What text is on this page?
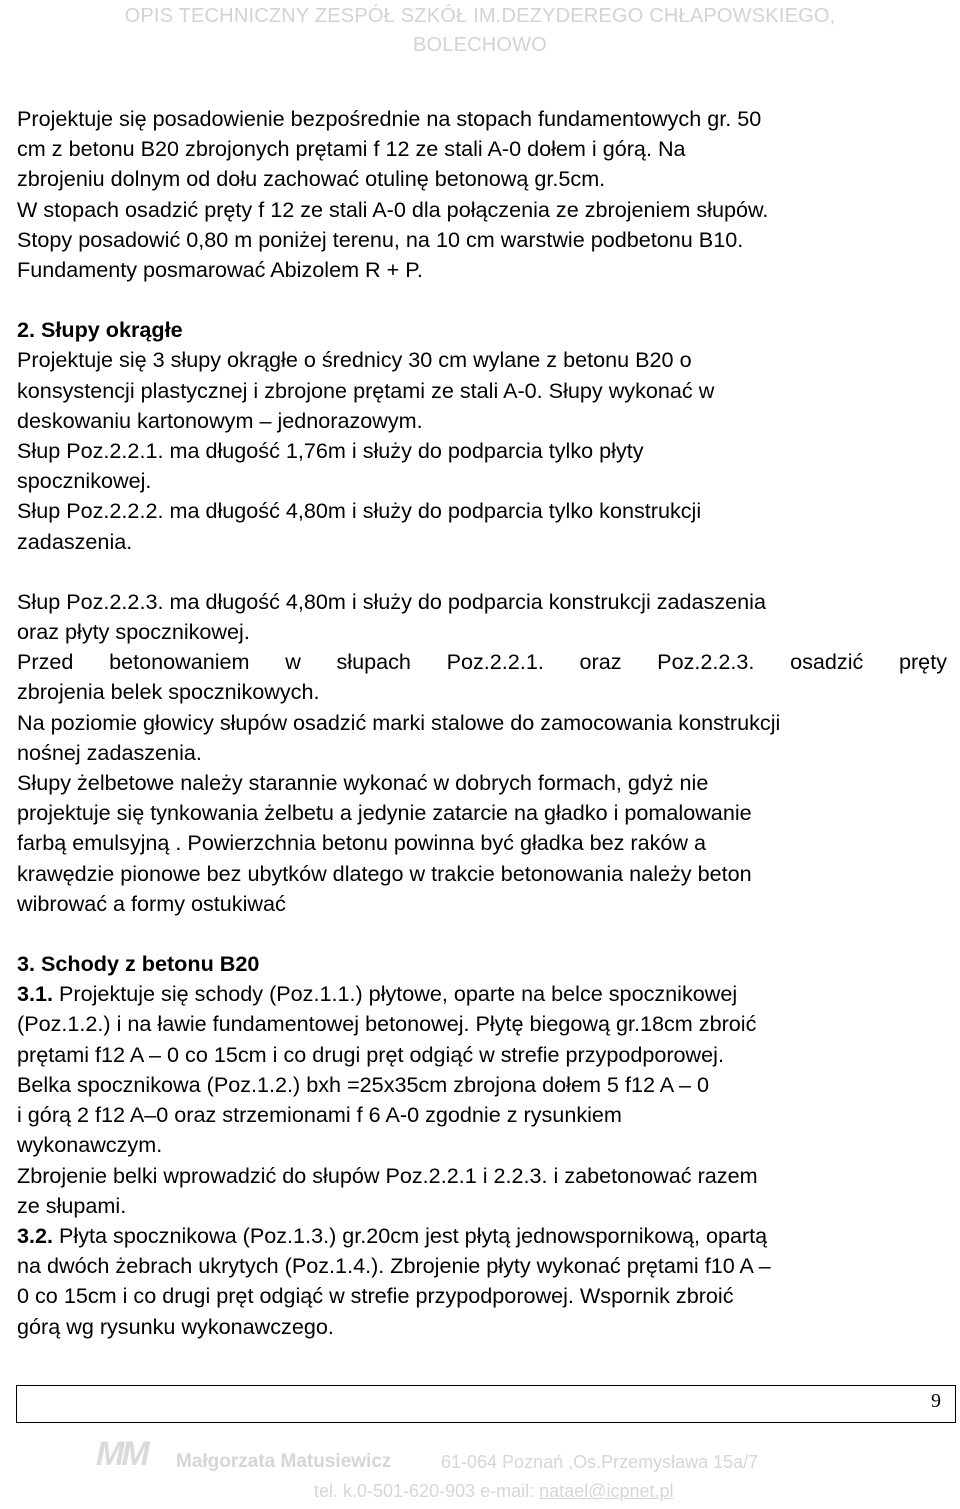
OPIS TECHNICZNY ZESPÓŁ SZKÓŁ IM.DEZYDEREGO CHŁAPOWSKIEGO,
BOLECHOWO

Projektuje się posadowienie bezpośrednie na stopach fundamentowych gr. 50

cm z betonu B20 zbrojonych prętami f 12 ze stali A-0 dołem i górą. Na

zbrojeniu dolnym od dołu zachować otulinę betonową gr.5cm.

W stopach osadzić pręty f 12 ze stali A-0 dla połączenia ze zbrojeniem słupów.

Stopy posadowić 0,80 m poniżej terenu, na 10 cm warstwie podbetonu B10.

Fundamenty posmarować Abizolem R + P.

2. Słupy okrągłe

Projektuje się 3 słupy okrągłe o średnicy 30 cm wylane z betonu B20 o

konsystencji plastycznej i zbrojone prętami ze stali A-0. Słupy wykonać w

deskowaniu kartonowym – jednorazowym.

Słup Poz.2.2.1. ma długość 1,76m i służy do podparcia tylko płyty

spocznikowej.

Słup Poz.2.2.2. ma długość 4,80m i służy do podparcia tylko konstrukcji

zadaszenia.

Słup Poz.2.2.3. ma długość 4,80m i służy do podparcia konstrukcji zadaszenia

oraz płyty spocznikowej.

Przed betonowaniem w słupach Poz.2.2.1. oraz Poz.2.2.3. osadzić pręty

zbrojenia belek spocznikowych.

Na poziomie głowicy słupów osadzić marki stalowe do zamocowania konstrukcji

nośnej zadaszenia.

Słupy żelbetowe należy starannie wykonać w dobrych formach, gdyż nie

projektuje się tynkowania żelbetu a jedynie zatarcie na gładko i pomalowanie

farbą emulsyjną . Powierzchnia betonu powinna być gładka bez raków a

krawędzie pionowe bez ubytków dlatego w trakcie betonowania należy beton

wibrować a formy ostukiwać

3. Schody z betonu B20

3.1. Projektuje się schody (Poz.1.1.) płytowe, oparte na belce spocznikowej

(Poz.1.2.) i na ławie fundamentowej betonowej. Płytę biegową gr.18cm zbroić

prętami f12 A – 0 co 15cm i co drugi pręt odgiąć w strefie przypodporowej.

Belka spocznikowa (Poz.1.2.) bxh =25x35cm zbrojona dołem 5 f12 A – 0

i górą 2 f12 A–0 oraz strzemionami f 6 A-0 zgodnie z rysunkiem

wykonawczym.

Zbrojenie belki wprowadzić do słupów Poz.2.2.1 i 2.2.3. i zabetonować razem

ze słupami.

3.2. Płyta spocznikowa (Poz.1.3.) gr.20cm jest płytą jednowspornikową, opartą

na dwóch żebrach ukrytych (Poz.1.4.). Zbrojenie płyty wykonać prętami f10 A –

0 co 15cm i co drugi pręt odgiąć w strefie przypodporowej. Wspornik zbroić

górą wg rysunku wykonawczego.

9
MM Małgorzata Matusiewicz	61-064 Poznań ,Os.Przemysława 15a/7
tel. k.0-501-620-903 e-mail: natael@icpnet.pl
